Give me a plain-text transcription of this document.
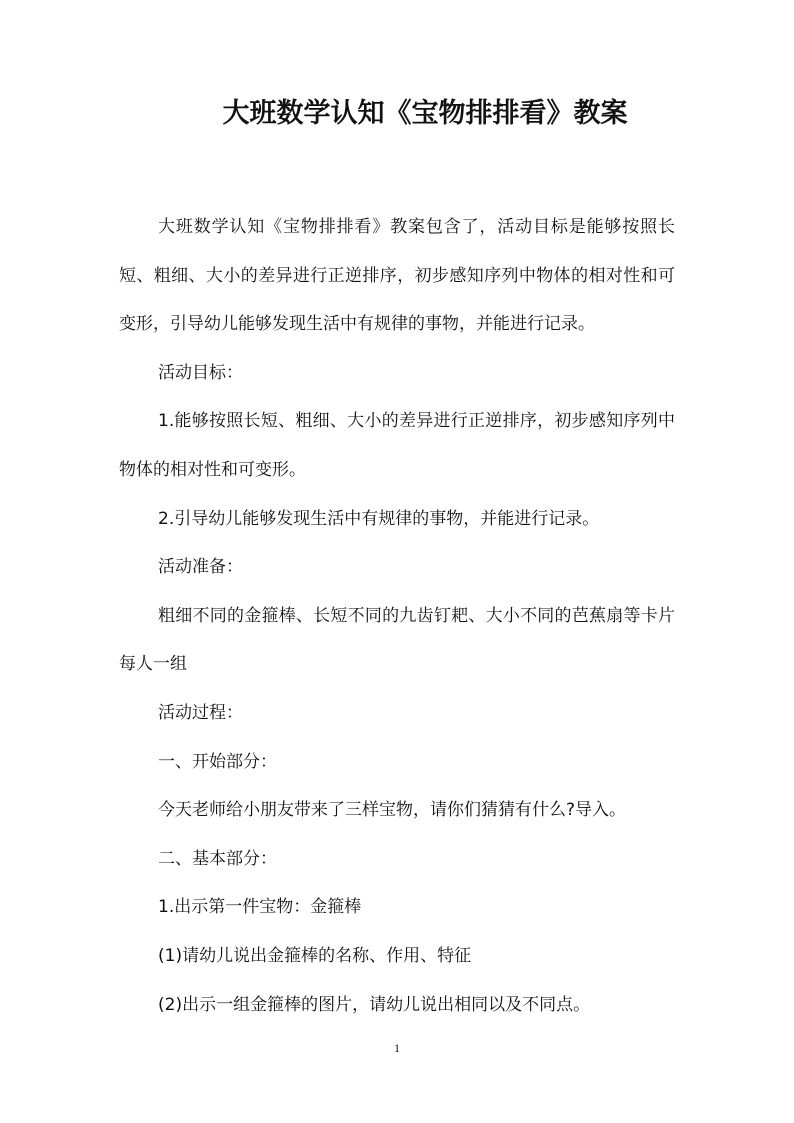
大班数学认知《宝物排排看》教案

大班数学认知《宝物排排看》教案包含了，活动目标是能够按照长短、粗细、大小的差异进行正逆排序，初步感知序列中物体的相对性和可变形，引导幼儿能够发现生活中有规律的事物，并能进行记录。

活动目标：

1.能够按照长短、粗细、大小的差异进行正逆排序，初步感知序列中物体的相对性和可变形。

2.引导幼儿能够发现生活中有规律的事物，并能进行记录。

活动准备：

粗细不同的金箍棒、长短不同的九齿钉耙、大小不同的芭蕉扇等卡片每人一组

活动过程：

一、开始部分：

今天老师给小朋友带来了三样宝物，请你们猜猜有什么?导入。

二、基本部分：

1.出示第一件宝物：金箍棒

(1)请幼儿说出金箍棒的名称、作用、特征

(2)出示一组金箍棒的图片，请幼儿说出相同以及不同点。

1
